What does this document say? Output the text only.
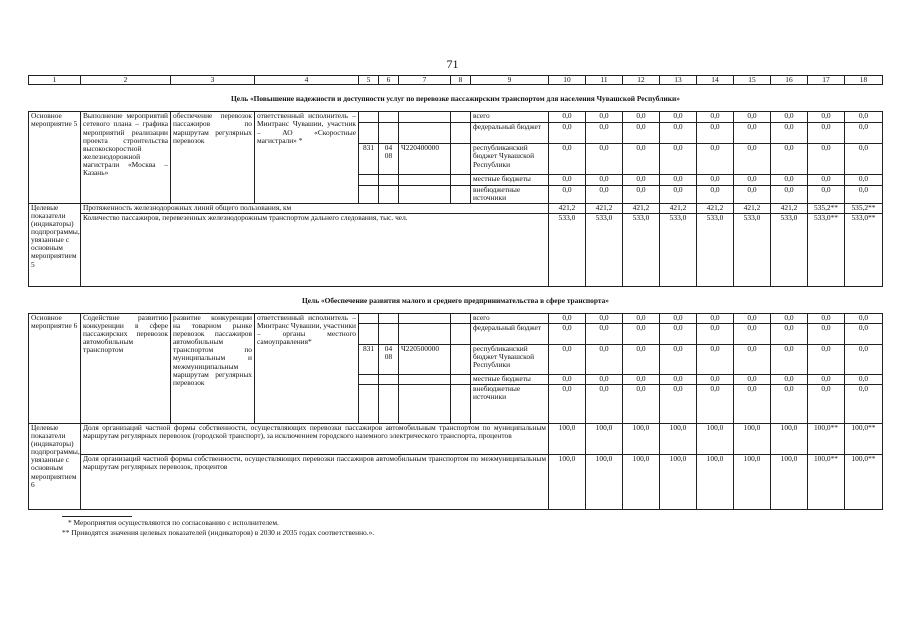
71
1	2	3	4	5	6	7	8	9	10	11	12	13	14	15	16	17	18
Цель «Повышение надежности и доступности услуг по перевозке пассажирским транспортом для населения Чувашской Республики»																	
Основное мероприятие 5	Выполнение мероприятий сетевого плана – графика мероприятий реализации проекта строительства высокоскоростной железнодорожной магистрали «Москва – Казань»	обеспечение перевозок пассажиров по маршрутам регулярных перевозок	ответственный исполнитель – Минтранс Чувашии, участник – АО «Скоростные магистрали» *					всего	0,0	0,0	0,0	0,0	0,0	0,0	0,0	0,0	0,0
								федеральный бюджет	0,0	0,0	0,0	0,0	0,0	0,0	0,0	0,0	0,0
				831	04 08	Ч220400000		республиканский бюджет Чувашской Республики	0,0	0,0	0,0	0,0	0,0	0,0	0,0	0,0	0,0
								местные бюджеты	0,0	0,0	0,0	0,0	0,0	0,0	0,0	0,0	0,0
								внебюджетные источники	0,0	0,0	0,0	0,0	0,0	0,0	0,0	0,0	0,0
Целевые показатели (индикаторы) подпрограммы, увязанные с основным мероприятием 5	Протяженность железнодорожных линий общего пользования, км								421,2	421,2	421,2	421,2	421,2	421,2	421,2	535,2**	535,2**
	Количество пассажиров, перевезенных железнодорожным транспортом дальнего следования, тыс. чел.								533,0	533,0	533,0	533,0	533,0	533,0	533,0	533,0**	533,0**
Цель «Обеспечение развития малого и среднего предпринимательства в сфере транспорта»																	
Основное мероприятие 6	Содействие развитию конкуренции в сфере пассажирских перевозок автомобильным транспортом	развитие конкуренции на товарном рынке перевозок пассажиров автомобильным транспортом по муниципальным и межмуниципальным маршрутам регулярных перевозок	ответственный исполнитель – Минтранс Чувашии, участники – органы местного самоуправления*					всего	0,0	0,0	0,0	0,0	0,0	0,0	0,0	0,0	0,0
								федеральный бюджет	0,0	0,0	0,0	0,0	0,0	0,0	0,0	0,0	0,0
				831	04 08	Ч220500000		республиканский бюджет Чувашской Республики	0,0	0,0	0,0	0,0	0,0	0,0	0,0	0,0	0,0
								местные бюджеты	0,0	0,0	0,0	0,0	0,0	0,0	0,0	0,0	0,0
								внебюджетные источники	0,0	0,0	0,0	0,0	0,0	0,0	0,0	0,0	0,0
Целевые показатели (индикаторы) подпрограммы, увязанные с основным мероприятием 6	Доля организаций частной формы собственности, осуществляющих перевозки пассажиров автомобильным транспортом по муниципальным маршрутам регулярных перевозок (городской транспорт), за исключением городского наземного электрического транспорта, процентов								100,0	100,0	100,0	100,0	100,0	100,0	100,0	100,0**	100,0**
	Доля организаций частной формы собственности, осуществляющих перевозки пассажиров автомобильным транспортом по межмуниципальным маршрутам регулярных перевозок, процентов								100,0	100,0	100,0	100,0	100,0	100,0	100,0	100,0**	100,0**
* Мероприятия осуществляются по согласованию с исполнителем.
** Приводятся значения целевых показателей (индикаторов) в 2030 и 2035 годах соответственно.».
